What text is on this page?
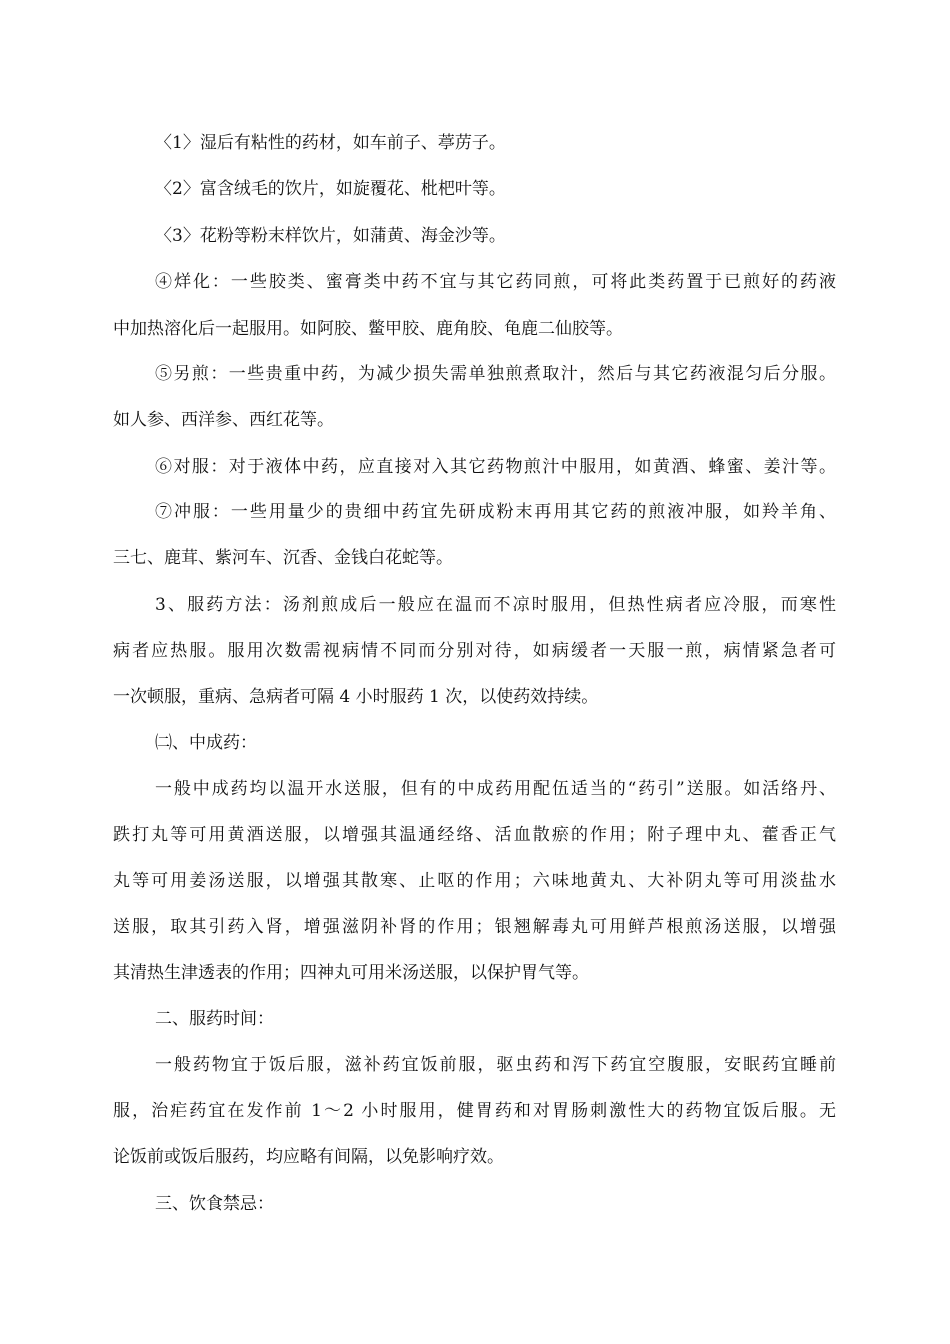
〈1〉湿后有粘性的药材，如车前子、葶苈子。
〈2〉富含绒毛的饮片，如旋覆花、枇杷叶等。
〈3〉花粉等粉末样饮片，如蒲黄、海金沙等。
④烊化：一些胶类、蜜膏类中药不宜与其它药同煎，可将此类药置于已煎好的药液
中加热溶化后一起服用。如阿胶、鳖甲胶、鹿角胶、龟鹿二仙胶等。
⑤另煎：一些贵重中药，为减少损失需单独煎煮取汁，然后与其它药液混匀后分服。
如人参、西洋参、西红花等。
⑥对服：对于液体中药，应直接对入其它药物煎汁中服用，如黄酒、蜂蜜、姜汁等。
⑦冲服：一些用量少的贵细中药宜先研成粉末再用其它药的煎液冲服，如羚羊角、
三七、鹿茸、紫河车、沉香、金钱白花蛇等。
3、服药方法：汤剂煎成后一般应在温而不凉时服用，但热性病者应冷服，而寒性
病者应热服。服用次数需视病情不同而分别对待，如病缓者一天服一煎，病情紧急者可
一次顿服，重病、急病者可隔 4 小时服药 1 次，以使药效持续。
㈡、中成药：
一般中成药均以温开水送服，但有的中成药用配伍适当的“药引”送服。如活络丹、
跌打丸等可用黄酒送服，以增强其温通经络、活血散瘀的作用；附子理中丸、藿香正气
丸等可用姜汤送服，以增强其散寒、止呕的作用；六味地黄丸、大补阴丸等可用淡盐水
送服，取其引药入肾，增强滋阴补肾的作用；银翘解毒丸可用鲜芦根煎汤送服，以增强
其清热生津透表的作用；四神丸可用米汤送服，以保护胃气等。
二、服药时间：
一般药物宜于饭后服，滋补药宜饭前服，驱虫药和泻下药宜空腹服，安眠药宜睡前
服，治疟药宜在发作前 1～2 小时服用，健胃药和对胃肠刺激性大的药物宜饭后服。无
论饭前或饭后服药，均应略有间隔，以免影响疗效。
三、饮食禁忌：
